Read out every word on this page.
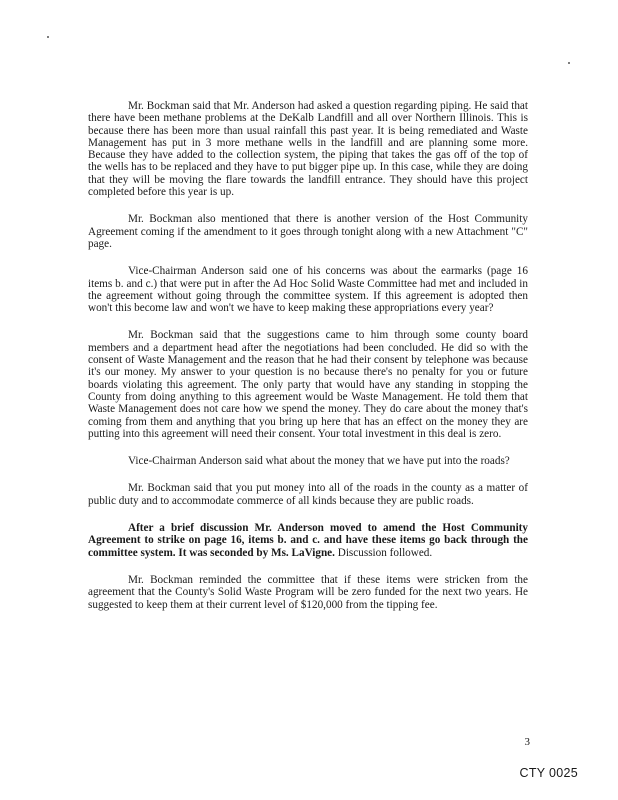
Mr. Bockman said that Mr. Anderson had asked a question regarding piping. He said that there have been methane problems at the DeKalb Landfill and all over Northern Illinois. This is because there has been more than usual rainfall this past year. It is being remediated and Waste Management has put in 3 more methane wells in the landfill and are planning some more. Because they have added to the collection system, the piping that takes the gas off of the top of the wells has to be replaced and they have to put bigger pipe up. In this case, while they are doing that they will be moving the flare towards the landfill entrance. They should have this project completed before this year is up.

Mr. Bockman also mentioned that there is another version of the Host Community Agreement coming if the amendment to it goes through tonight along with a new Attachment "C" page.

Vice-Chairman Anderson said one of his concerns was about the earmarks (page 16 items b. and c.) that were put in after the Ad Hoc Solid Waste Committee had met and included in the agreement without going through the committee system. If this agreement is adopted then won't this become law and won't we have to keep making these appropriations every year?

Mr. Bockman said that the suggestions came to him through some county board members and a department head after the negotiations had been concluded. He did so with the consent of Waste Management and the reason that he had their consent by telephone was because it's our money. My answer to your question is no because there's no penalty for you or future boards violating this agreement. The only party that would have any standing in stopping the County from doing anything to this agreement would be Waste Management. He told them that Waste Management does not care how we spend the money. They do care about the money that's coming from them and anything that you bring up here that has an effect on the money they are putting into this agreement will need their consent. Your total investment in this deal is zero.

Vice-Chairman Anderson said what about the money that we have put into the roads?

Mr. Bockman said that you put money into all of the roads in the county as a matter of public duty and to accommodate commerce of all kinds because they are public roads.

After a brief discussion Mr. Anderson moved to amend the Host Community Agreement to strike on page 16, items b. and c. and have these items go back through the committee system. It was seconded by Ms. LaVigne. Discussion followed.

Mr. Bockman reminded the committee that if these items were stricken from the agreement that the County's Solid Waste Program will be zero funded for the next two years. He suggested to keep them at their current level of $120,000 from the tipping fee.

3
CTY 0025
